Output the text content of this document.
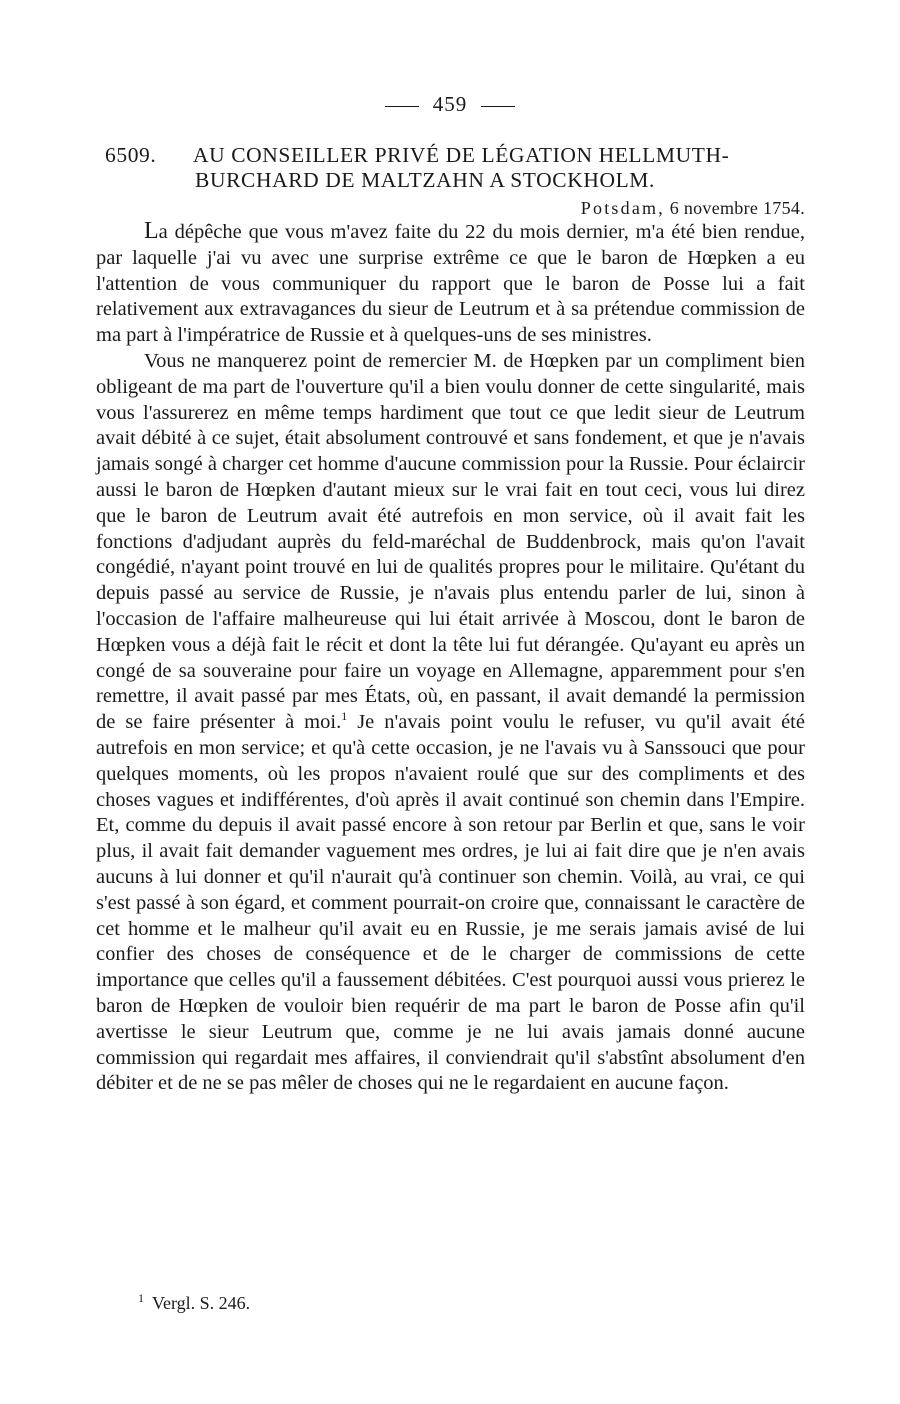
459
6509. AU CONSEILLER PRIVÉ DE LÉGATION HELLMUTH-
BURCHARD DE MALTZAHN A STOCKHOLM.
Potsdam, 6 novembre 1754.

La dépêche que vous m'avez faite du 22 du mois dernier, m'a été bien rendue, par laquelle j'ai vu avec une surprise extrême ce que le baron de Hœpken a eu l'attention de vous communiquer du rapport que le baron de Posse lui a fait relativement aux extravagances du sieur de Leutrum et à sa prétendue commission de ma part à l'impératrice de Russie et à quelques-uns de ses ministres.

Vous ne manquerez point de remercier M. de Hœpken par un compliment bien obligeant de ma part de l'ouverture qu'il a bien voulu donner de cette singularité, mais vous l'assurerez en même temps hardiment que tout ce que ledit sieur de Leutrum avait débité à ce sujet, était absolument controuvé et sans fondement, et que je n'avais jamais songé à charger cet homme d'aucune commission pour la Russie. Pour éclaircir aussi le baron de Hœpken d'autant mieux sur le vrai fait en tout ceci, vous lui direz que le baron de Leutrum avait été autrefois en mon service, où il avait fait les fonctions d'adjudant auprès du feld-maréchal de Buddenbrock, mais qu'on l'avait congédié, n'ayant point trouvé en lui de qualités propres pour le militaire. Qu'étant du depuis passé au service de Russie, je n'avais plus entendu parler de lui, sinon à l'occasion de l'affaire malheureuse qui lui était arrivée à Moscou, dont le baron de Hœpken vous a déjà fait le récit et dont la tête lui fut dérangée. Qu'ayant eu après un congé de sa souveraine pour faire un voyage en Allemagne, apparemment pour s'en remettre, il avait passé par mes États, où, en passant, il avait demandé la permission de se faire présenter à moi.$^1$ Je n'avais point voulu le refuser, vu qu'il avait été autrefois en mon service; et qu'à cette occasion, je ne l'avais vu à Sanssouci que pour quelques moments, où les propos n'avaient roulé que sur des compliments et des choses vagues et indifférentes, d'où après il avait continué son chemin dans l'Empire. Et, comme du depuis il avait passé encore à son retour par Berlin et que, sans le voir plus, il avait fait demander vaguement mes ordres, je lui ai fait dire que je n'en avais aucuns à lui donner et qu'il n'aurait qu'à continuer son chemin. Voilà, au vrai, ce qui s'est passé à son égard, et comment pourrait-on croire que, connaissant le caractère de cet homme et le malheur qu'il avait eu en Russie, je me serais jamais avisé de lui confier des choses de conséquence et de le charger de commissions de cette importance que celles qu'il a faussement débitées. C'est pourquoi aussi vous prierez le baron de Hœpken de vouloir bien requérir de ma part le baron de Posse afin qu'il avertisse le sieur Leutrum que, comme je ne lui avais jamais donné aucune commission qui regardait mes affaires, il conviendrait qu'il s'abstînt absolument d'en débiter et de ne se pas mêler de choses qui ne le regardaient en aucune façon.

$^1$ Vergl. S. 246.
